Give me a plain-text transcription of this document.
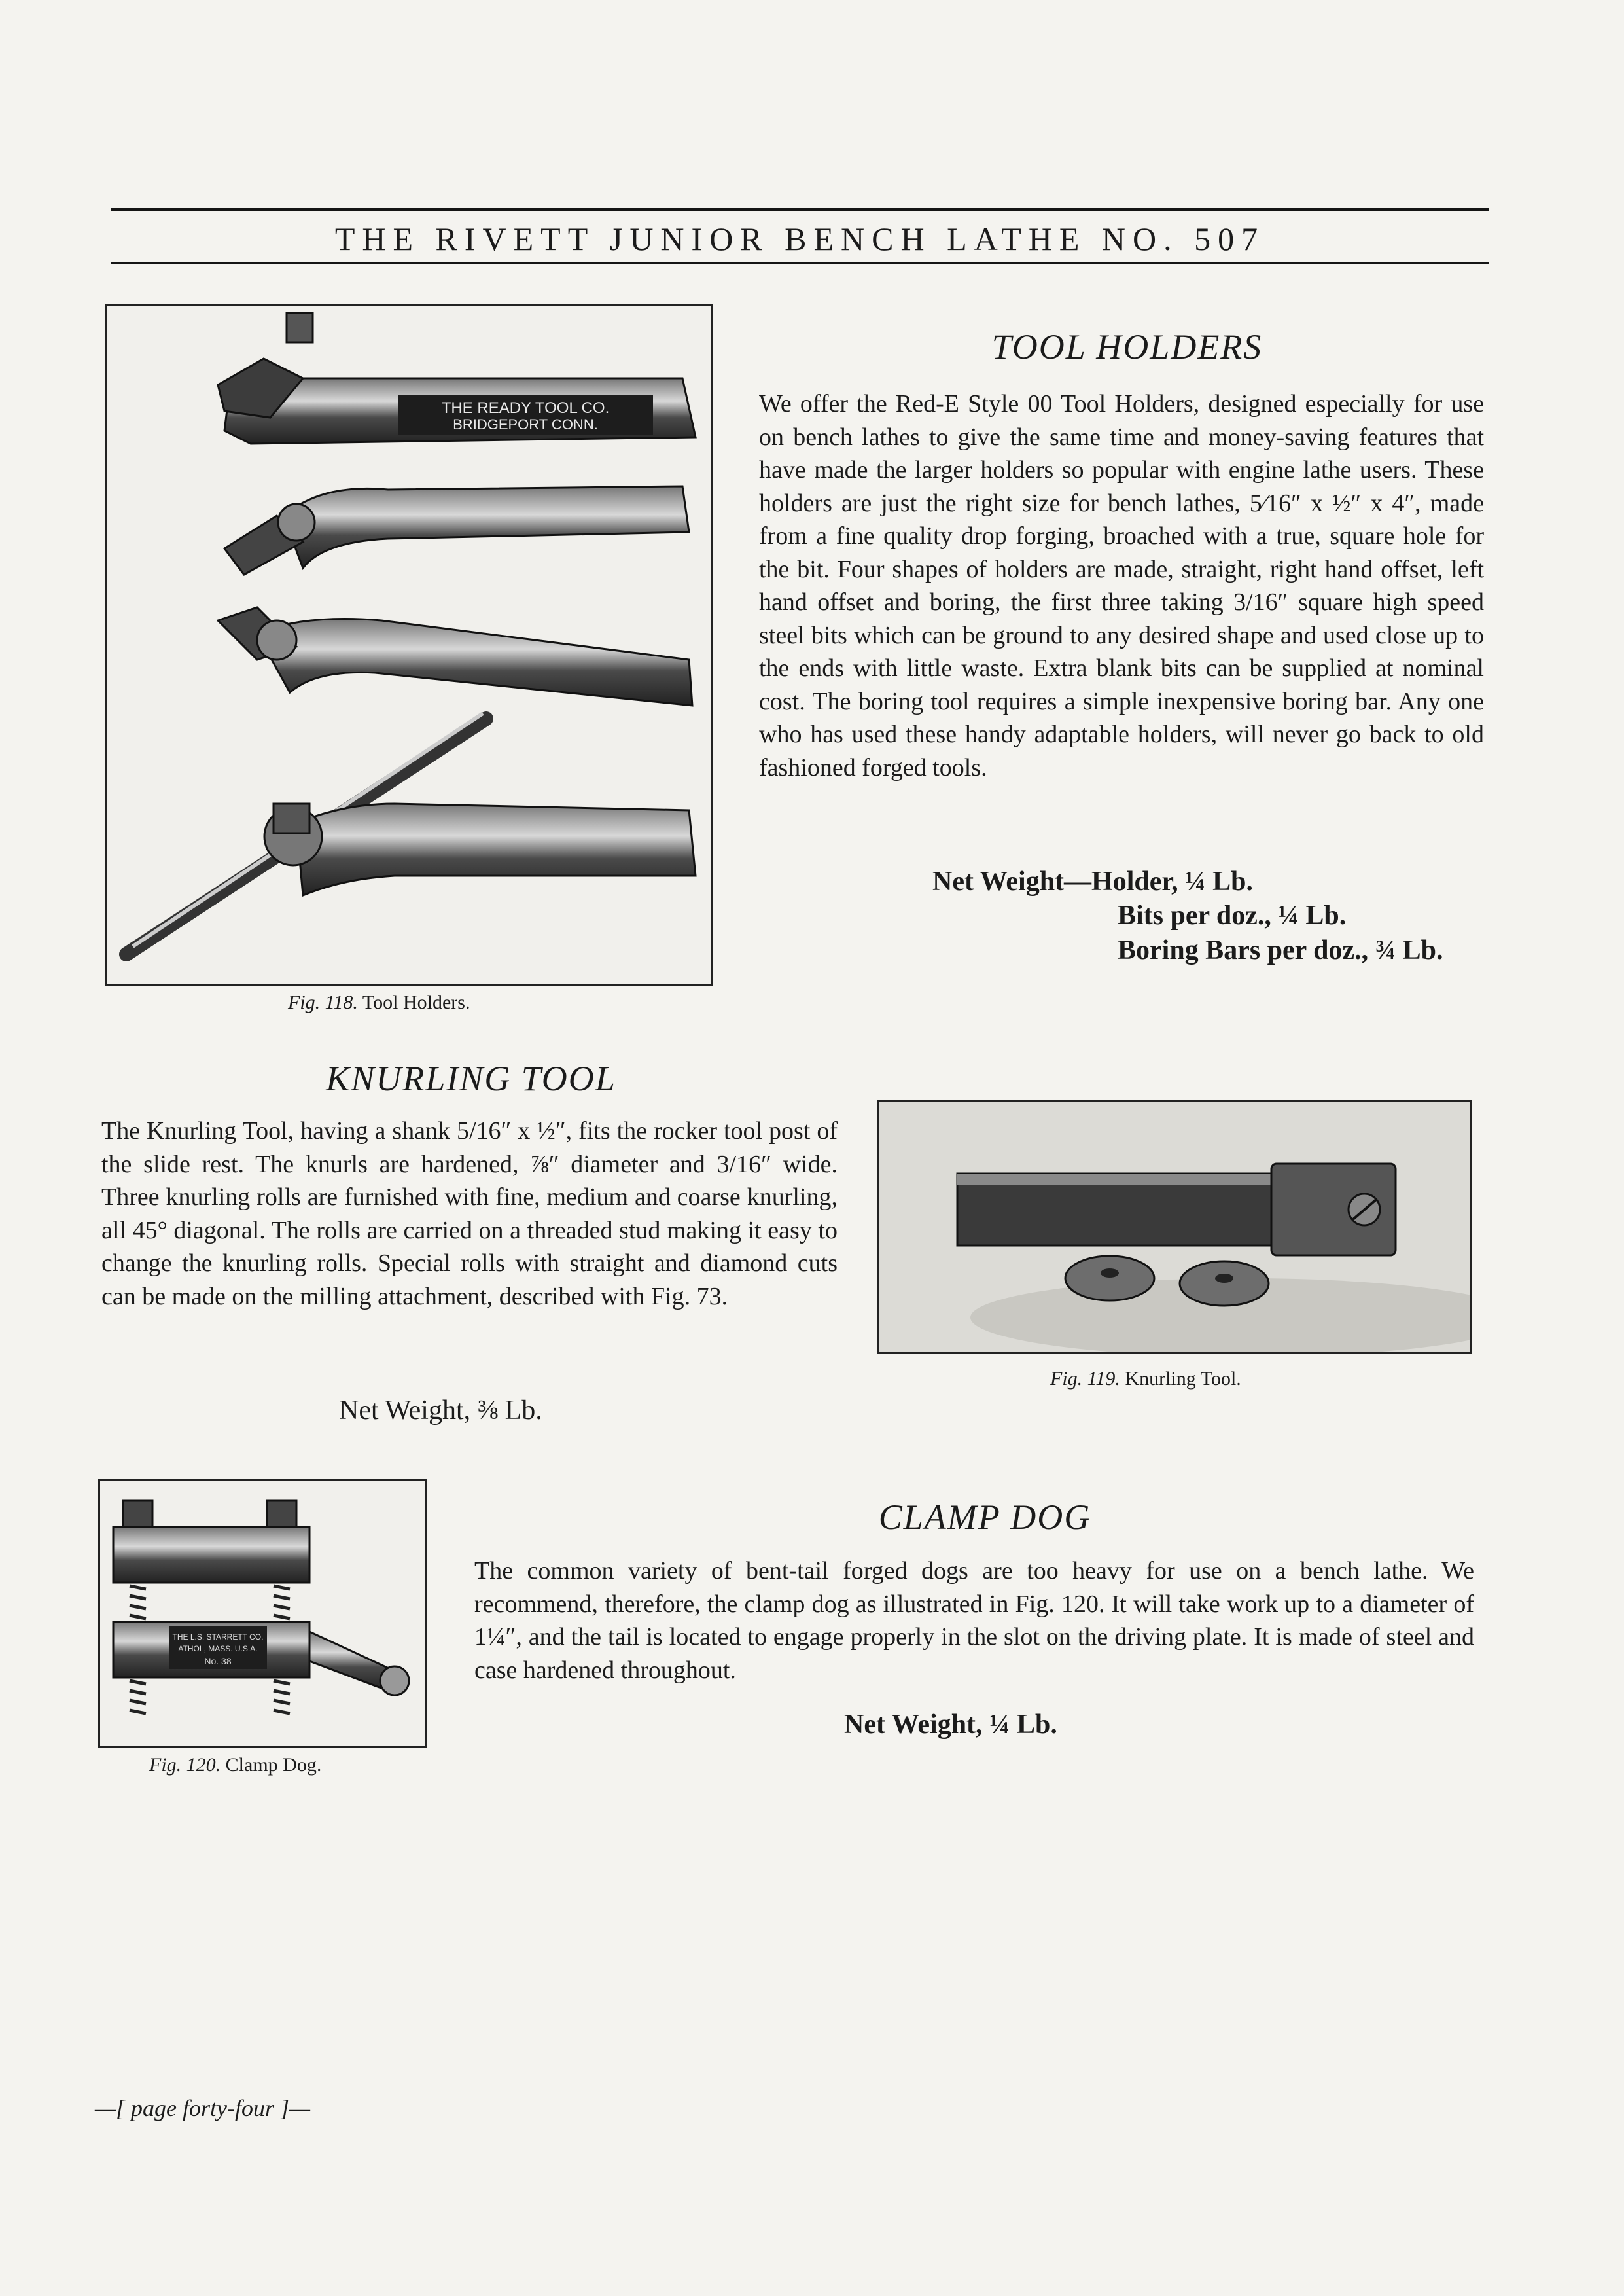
THE RIVETT JUNIOR BENCH LATHE NO. 507
THE READY TOOL CO.
BRIDGEPORT CONN.
Fig. 118. Tool Holders.
TOOL HOLDERS
We offer the Red-E Style 00 Tool Holders, designed especially for use on bench lathes to give the same time and money-saving features that have made the larger holders so popular with engine lathe users. These holders are just the right size for bench lathes, 5⁄16″ x ½″ x 4″, made from a fine quality drop forging, broached with a true, square hole for the bit. Four shapes of holders are made, straight, right hand offset, left hand offset and boring, the first three taking 3/16″ square high speed steel bits which can be ground to any desired shape and used close up to the ends with little waste. Extra blank bits can be supplied at nominal cost. The boring tool requires a simple inexpensive boring bar. Any one who has used these handy adaptable holders, will never go back to old fashioned forged tools.
Net Weight—Holder, ¼ Lb.
Bits per doz., ¼ Lb.
Boring Bars per doz., ¾ Lb.
KNURLING TOOL
The Knurling Tool, having a shank 5/16″ x ½″, fits the rocker tool post of the slide rest. The knurls are hardened, ⅞″ diameter and 3/16″ wide. Three knurling rolls are furnished with fine, medium and coarse knurling, all 45° diagonal. The rolls are carried on a threaded stud making it easy to change the knurling rolls. Special rolls with straight and diamond cuts can be made on the milling attachment, described with Fig. 73.
Net Weight, ⅜ Lb.
Fig. 119. Knurling Tool.
THE L.S. STARRETT CO.
ATHOL, MASS. U.S.A.
No. 38
Fig. 120. Clamp Dog.
CLAMP DOG
The common variety of bent-tail forged dogs are too heavy for use on a bench lathe. We recommend, therefore, the clamp dog as illustrated in Fig. 120. It will take work up to a diameter of 1¼″, and the tail is located to engage properly in the slot on the driving plate. It is made of steel and case hardened throughout.
Net Weight, ¼ Lb.
—[ page forty-four ]—
